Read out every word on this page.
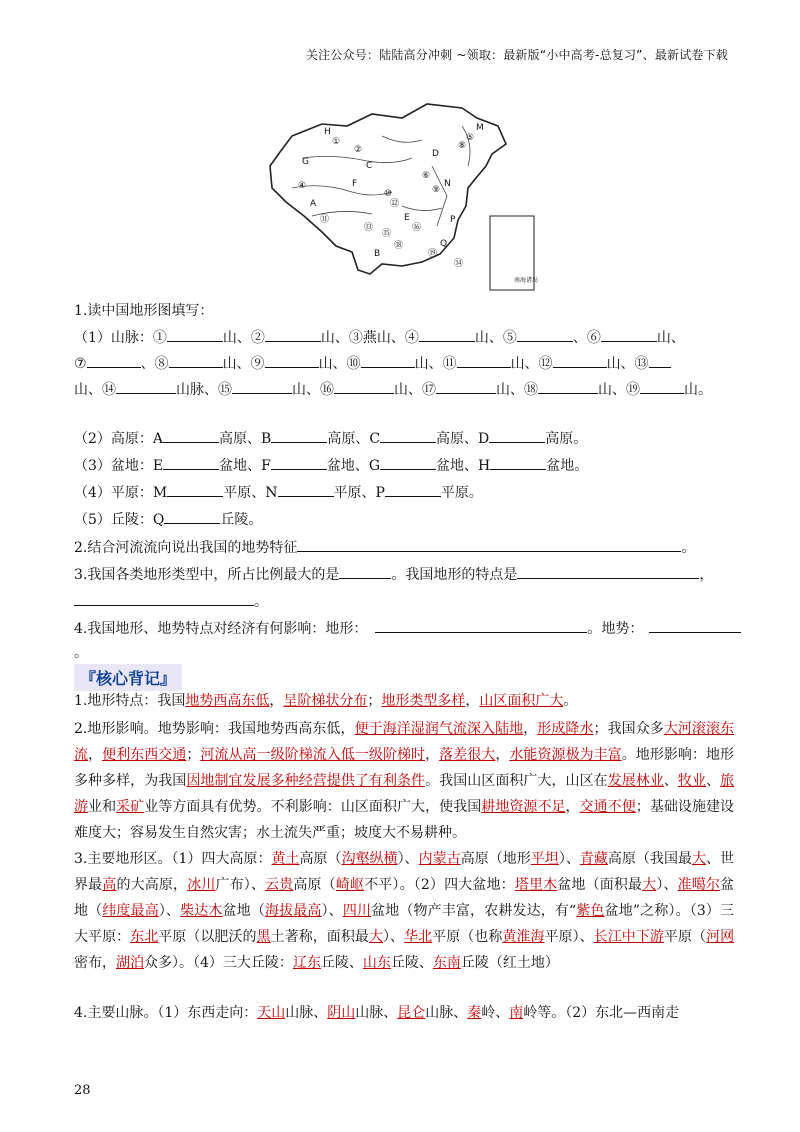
关注公众号：陆陆高分冲刺 ~领取：最新版“小中高考-总复习”、最新试卷下载
H	M
G
F
A
C
D
E
B
N
P
Q
①
②
④
⑤
⑥
⑧
⑨
⑩
⑪
⑫
⑬
⑭
⑮
⑯
⑱
⑲
南海诸岛
1.读中国地形图填写：
（1）山脉：①	山、②	山、③燕山、④	山、⑤	、⑥	山、
⑦	、⑧	山、⑨	山、⑩	山、⑪	山、⑫	山、⑬
山、⑭	山脉、⑮	山、⑯	山、⑰	山、⑱	山、⑲	山。
（2）高原：A	高原、B	高原、C	高原、D	高原。
（3）盆地：E	盆地、F	盆地、G	盆地、H	盆地。
（4）平原：M	平原、N	平原、P	平原。
（5）丘陵：Q	丘陵。
2.结合河流流向说出我国的地势特征	。
3.我国各类地形类型中，所占比例最大的是	。我国地形的特点是	，
。
4.我国地形、地势特点对经济有何影响：地形：	。地势：
。
『核心背记』
1.地形特点：我国地势西高东低，呈阶梯状分布；地形类型多样，山区面积广大。
2.地形影响。地势影响：我国地势西高东低，便于海洋湿润气流深入陆地，形成降水；我国众多大河滚滚东流，便利东西交通；河流从高一级阶梯流入低一级阶梯时，落差很大，水能资源极为丰富。地形影响：地形多种多样，为我国因地制宜发展多种经营提供了有利条件。我国山区面积广大，山区在发展林业、牧业、旅游业和采矿业等方面具有优势。不利影响：山区面积广大，使我国耕地资源不足，交通不便；基础设施建设难度大；容易发生自然灾害；水土流失严重；坡度大不易耕种。
3.主要地形区。（1）四大高原：黄土高原（沟壑纵横）、内蒙古高原（地形平坦）、青藏高原（我国最大、世界最高的大高原，冰川广布）、云贵高原（崎岖不平）。（2）四大盆地：塔里木盆地（面积最大）、准噶尔盆地（纬度最高）、柴达木盆地（海拔最高）、四川盆地（物产丰富，农耕发达，有“紫色盆地”之称）。（3）三大平原：东北平原（以肥沃的黑土著称，面积最大）、华北平原（也称黄淮海平原）、长江中下游平原（河网密布，湖泊众多）。（4）三大丘陵：辽东丘陵、山东丘陵、东南丘陵（红土地）
4.主要山脉。（1）东西走向：天山山脉、阴山山脉、昆仑山脉、秦岭、南岭等。（2）东北—西南走
28
